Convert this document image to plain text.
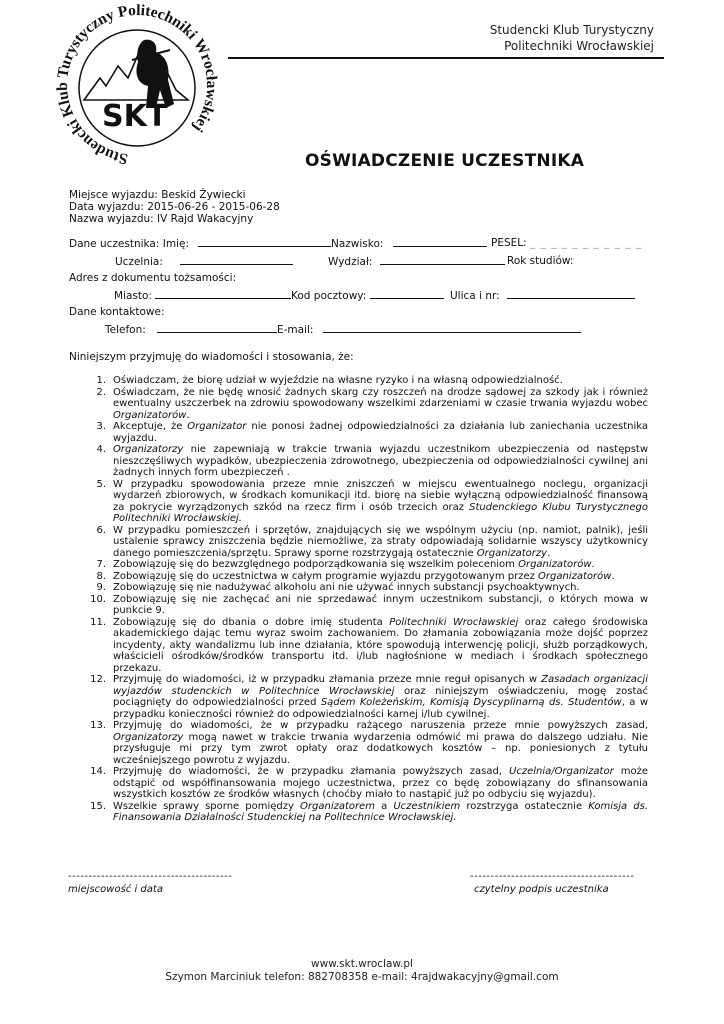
Studencki Klub Turystyczny Politechniki Wrocławskiej
SKT
Studencki Klub Turystyczny
Politechniki Wrocławskiej
OŚWIADCZENIE UCZESTNIKA
Miejsce wyjazdu: Beskid Żywiecki
Data wyjazdu: 2015-06-26 - 2015-06-28
Nazwa wyjazdu: IV Rajd Wakacyjny
Dane uczestnika: Imię:	Nazwisko:	PESEL: _ _ _ _ _ _ _ _ _ _ _
Uczelnia:	Wydział:	Rok studiów:
Adres z dokumentu tożsamości:
Miasto:	Kod pocztowy:	Ulica i nr:
Dane kontaktowe:
Telefon:	E-mail:
Niniejszym przyjmuję do wiadomości i stosowania, że:
1. Oświadczam, że biorę udział w wyjeździe na własne ryzyko i na własną odpowiedzialność.
2. Oświadczam, że nie będę wnosić żadnych skarg czy roszczeń na drodze sądowej za szkody jak i również ewentualny uszczerbek na zdrowiu spowodowany wszelkimi zdarzeniami w czasie trwania wyjazdu wobec Organizatorów.
3. Akceptuje, że Organizator nie ponosi żadnej odpowiedzialności za działania lub zaniechania uczestnika wyjazdu.
4. Organizatorzy nie zapewniają w trakcie trwania wyjazdu uczestnikom ubezpieczenia od następstw nieszczęśliwych wypadków, ubezpieczenia zdrowotnego, ubezpieczenia od odpowiedzialności cywilnej ani żadnych innych form ubezpieczeń .
5. W przypadku spowodowania przeze mnie zniszczeń w miejscu ewentualnego noclegu, organizacji wydarzeń zbiorowych, w środkach komunikacji itd. biorę na siebie wyłączną odpowiedzialność finansową za pokrycie wyrządzonych szkód na rzecz firm i osób trzecich oraz Studenckiego Klubu Turystycznego Politechniki Wrocławskiej.
6. W przypadku pomieszczeń i sprzętów, znajdujących się we wspólnym użyciu (np. namiot, palnik), jeśli ustalenie sprawcy zniszczenia będzie niemożliwe, za straty odpowiadają solidarnie wszyscy użytkownicy danego pomieszczenia/sprzętu. Sprawy sporne rozstrzygają ostatecznie Organizatorzy.
7. Zobowiązuję się do bezwzględnego podporządkowania się wszelkim poleceniom Organizatorów.
8. Zobowiązuję się do uczestnictwa w całym programie wyjazdu przygotowanym przez Organizatorów.
9. Zobowiązuję się nie nadużywać alkoholu ani nie używać innych substancji psychoaktywnych.
10. Zobowiązuję się nie zachęcać ani nie sprzedawać innym uczestnikom substancji, o których mowa w punkcie 9.
11. Zobowiązuję się do dbania o dobre imię studenta Politechniki Wrocławskiej oraz całego środowiska akademickiego dając temu wyraz swoim zachowaniem. Do złamania zobowiązania może dojść poprzez incydenty, akty wandalizmu lub inne działania, które spowodują interwencję policji, służb porządkowych, właścicieli ośrodków/środków transportu itd. i/lub nagłośnione w mediach i środkach społecznego przekazu.
12. Przyjmuję do wiadomości, iż w przypadku złamania przeze mnie reguł opisanych w Zasadach organizacji wyjazdów studenckich w Politechnice Wrocławskiej oraz niniejszym oświadczeniu, mogę zostać pociągnięty do odpowiedzialności przed Sądem Koleżeńskim, Komisją Dyscyplinarną ds. Studentów, a w przypadku konieczności również do odpowiedzialności karnej i/lub cywilnej.
13. Przyjmuję do wiadomości, że w przypadku rażącego naruszenia przeze mnie powyższych zasad, Organizatorzy mogą nawet w trakcie trwania wydarzenia odmówić mi prawa do dalszego udziału. Nie przysługuje mi przy tym zwrot opłaty oraz dodatkowych kosztów – np. poniesionych z tytułu wcześniejszego powrotu z wyjazdu.
14. Przyjmuję do wiadomości, że w przypadku złamania powyższych zasad, Uczelnia/Organizator może odstąpić od współfinansowania mojego uczestnictwa, przez co będę zobowiązany do sfinansowania wszystkich kosztów ze środków własnych (choćby miało to nastąpić już po odbyciu się wyjazdu).
15. Wszelkie sprawy sporne pomiędzy Organizatorem a Uczestnikiem rozstrzyga ostatecznie Komisja ds. Finansowania Działalności Studenckiej na Politechnice Wrocławskiej.
----------------------------------------
miejscowość i data
----------------------------------------
czytelny podpis uczestnika
www.skt.wroclaw.pl
Szymon Marciniuk telefon: 882708358 e-mail: 4rajdwakacyjny@gmail.com
